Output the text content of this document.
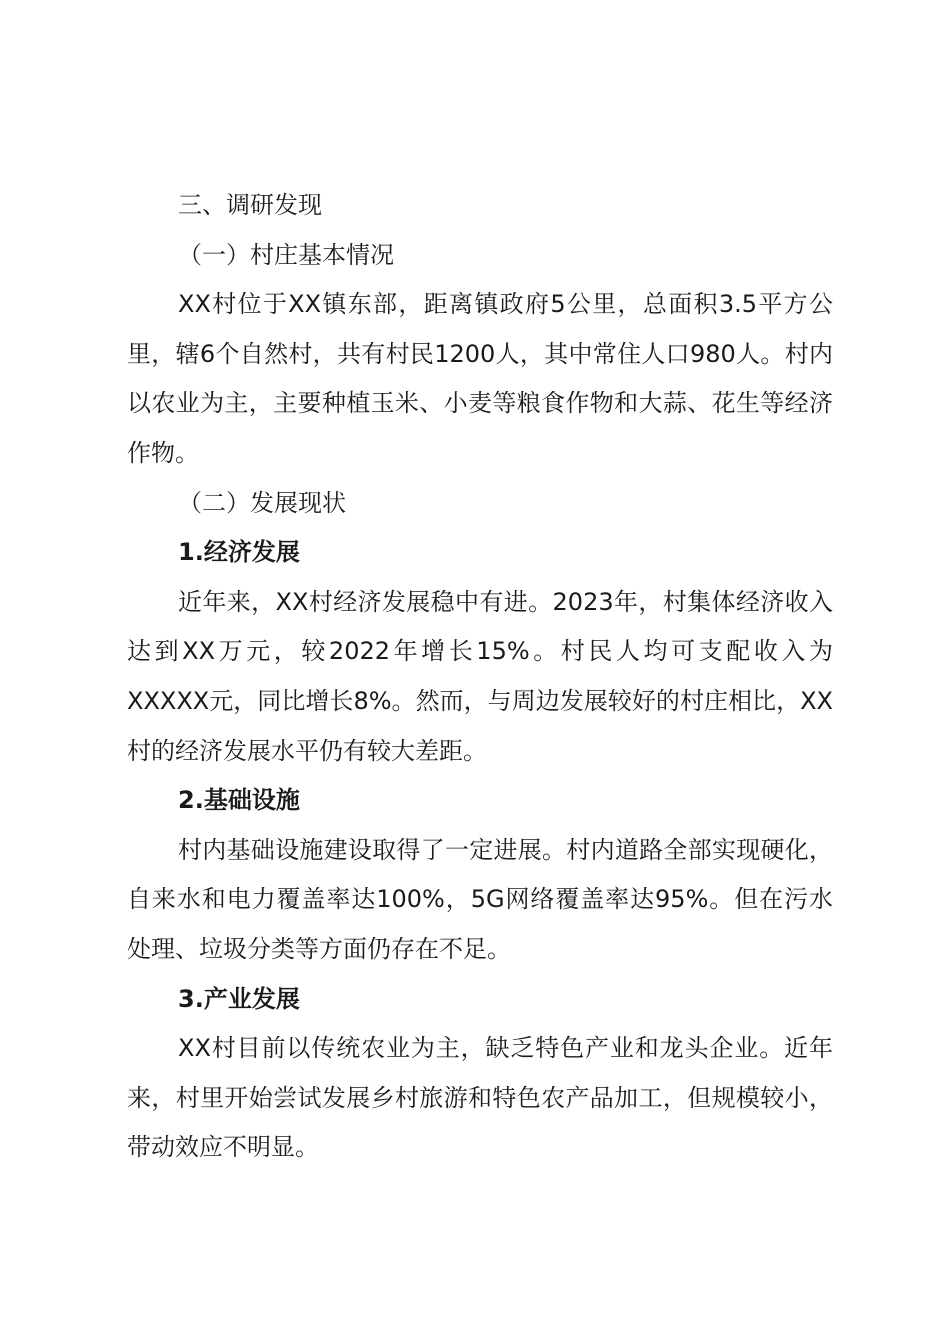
三、调研发现

（一）村庄基本情况

XX村位于XX镇东部，距离镇政府5公里，总面积3.5平方公里，辖6个自然村，共有村民1200人，其中常住人口980人。村内以农业为主，主要种植玉米、小麦等粮食作物和大蒜、花生等经济作物。

（二）发展现状

1.经济发展

近年来，XX村经济发展稳中有进。2023年，村集体经济收入达到XX万元，较2022年增长15%。村民人均可支配收入为XXXXX元，同比增长8%。然而，与周边发展较好的村庄相比，XX村的经济发展水平仍有较大差距。

2.基础设施

村内基础设施建设取得了一定进展。村内道路全部实现硬化，自来水和电力覆盖率达100%，5G网络覆盖率达95%。但在污水处理、垃圾分类等方面仍存在不足。

3.产业发展

XX村目前以传统农业为主，缺乏特色产业和龙头企业。近年来，村里开始尝试发展乡村旅游和特色农产品加工，但规模较小，带动效应不明显。
